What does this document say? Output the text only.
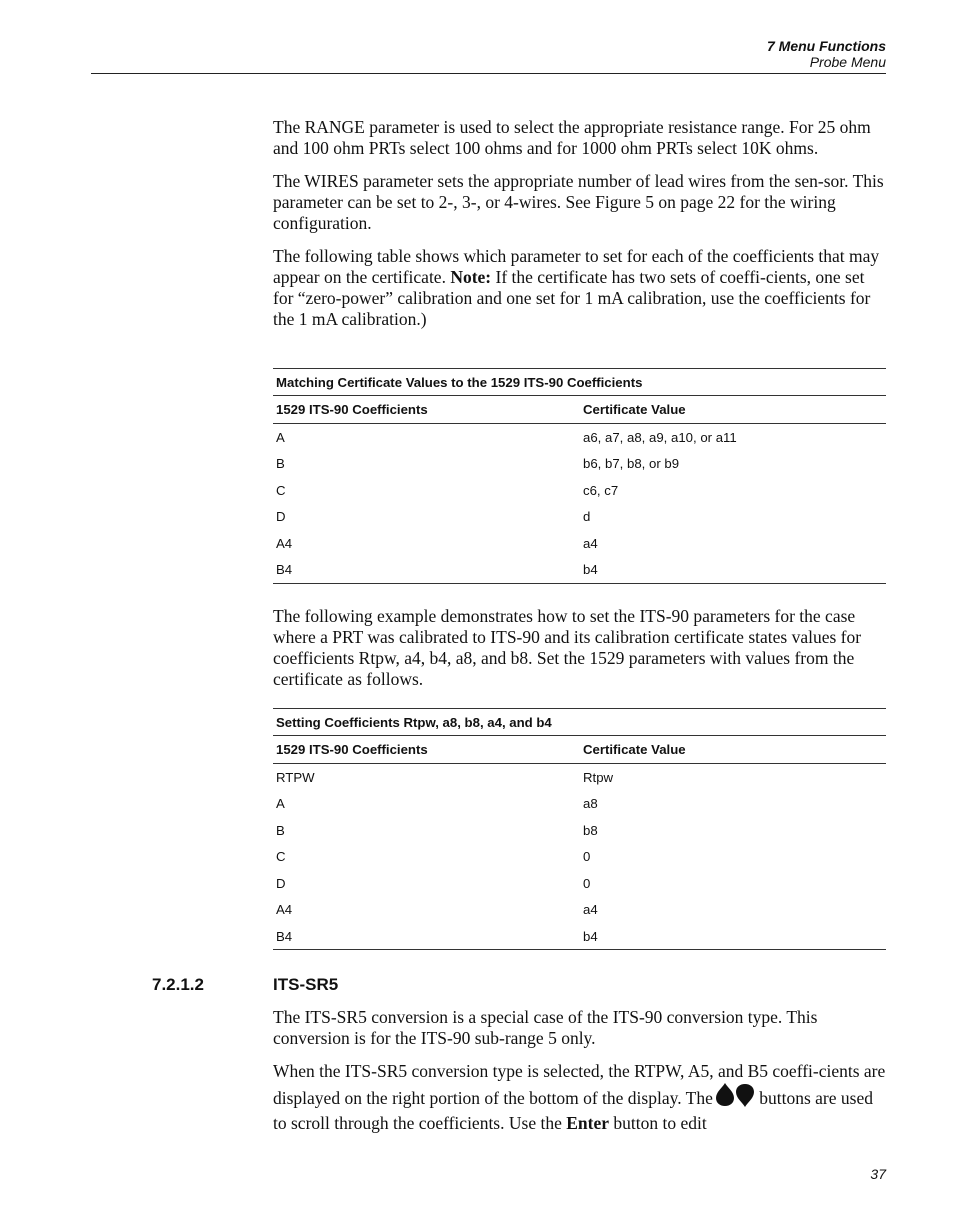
7 Menu Functions
Probe Menu

The RANGE parameter is used to select the appropriate resistance range. For 25 ohm and 100 ohm PRTs select 100 ohms and for 1000 ohm PRTs select 10K ohms.

The WIRES parameter sets the appropriate number of lead wires from the sen-sor. This parameter can be set to 2-, 3-, or 4-wires. See Figure 5 on page 22 for the wiring configuration.

The following table shows which parameter to set for each of the coefficients that may appear on the certificate. Note: If the certificate has two sets of coeffi-cients, one set for “zero-power” calibration and one set for 1 mA calibration, use the coefficients for the 1 mA calibration.)

Matching Certificate Values to the 1529 ITS-90 Coefficients
1529 ITS-90 Coefficients	Certificate Value
A	a6, a7, a8, a9, a10, or a11
B	b6, b7, b8, or b9
C	c6, c7
D	d
A4	a4
B4	b4

The following example demonstrates how to set the ITS-90 parameters for the case where a PRT was calibrated to ITS-90 and its calibration certificate states values for coefficients Rtpw, a4, b4, a8, and b8. Set the 1529 parameters with values from the certificate as follows.

Setting Coefficients Rtpw, a8, b8, a4, and b4
1529 ITS-90 Coefficients	Certificate Value
RTPW	Rtpw
A	a8
B	b8
C	0
D	0
A4	a4
B4	b4
7.2.1.2	ITS-SR5

The ITS-SR5 conversion is a special case of the ITS-90 conversion type. This conversion is for the ITS-90 sub-range 5 only.

When the ITS-SR5 conversion type is selected, the RTPW, A5, and B5 coeffi-cients are displayed on the right portion of the bottom of the display. The	buttons are used to scroll through the coefficients. Use the Enter button to edit

37
